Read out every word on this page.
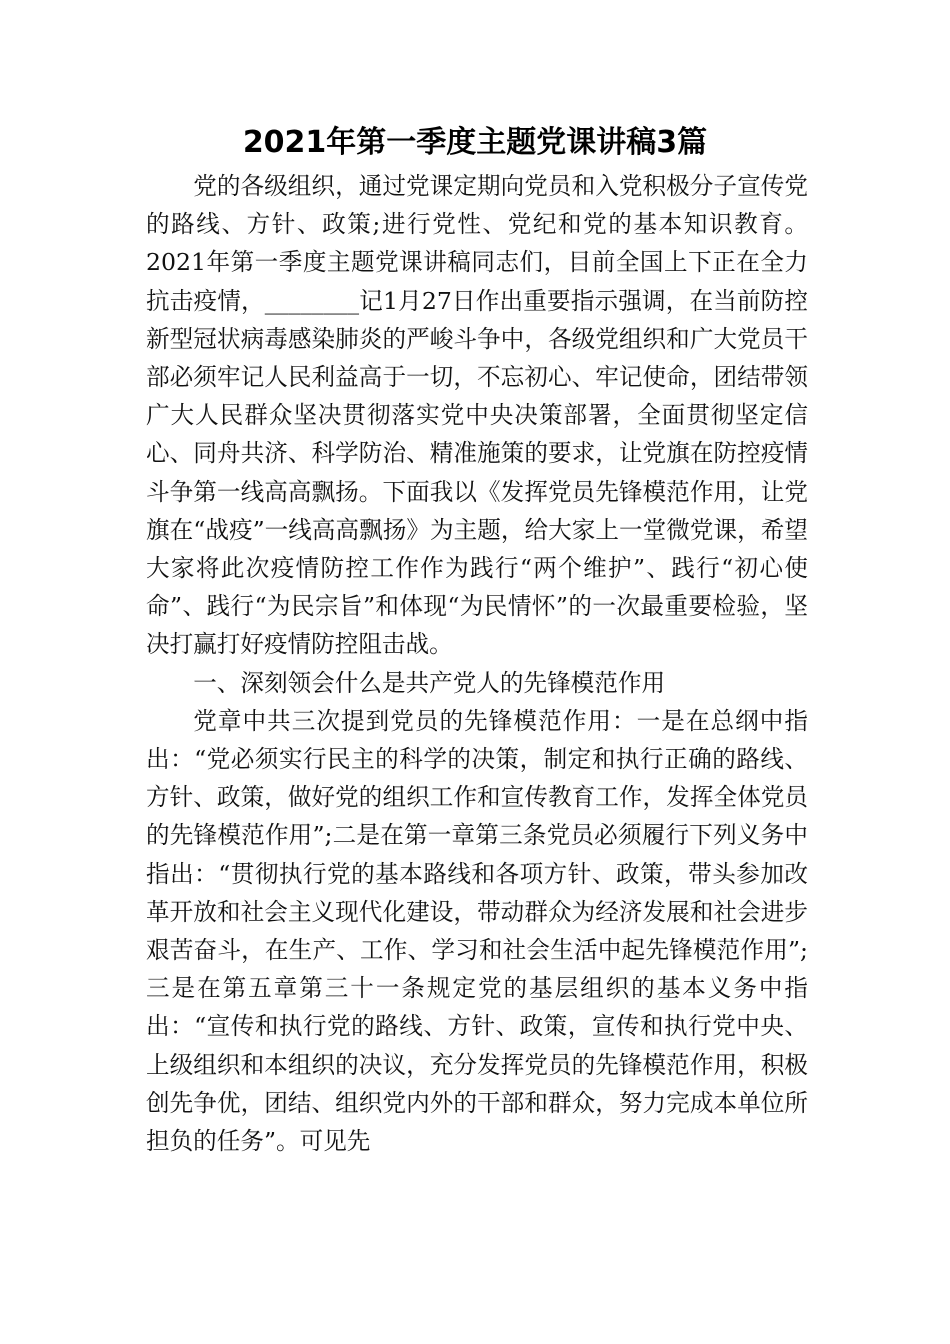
2021年第一季度主题党课讲稿3篇

党的各级组织，通过党课定期向党员和入党积极分子宣传党的路线、方针、政策;进行党性、党纪和党的基本知识教育。2021年第一季度主题党课讲稿同志们，目前全国上下正在全力抗击疫情，________记1月27日作出重要指示强调，在当前防控新型冠状病毒感染肺炎的严峻斗争中，各级党组织和广大党员干部必须牢记人民利益高于一切，不忘初心、牢记使命，团结带领广大人民群众坚决贯彻落实党中央决策部署，全面贯彻坚定信心、同舟共济、科学防治、精准施策的要求，让党旗在防控疫情斗争第一线高高飘扬。下面我以《发挥党员先锋模范作用，让党旗在“战疫”一线高高飘扬》为主题，给大家上一堂微党课，希望大家将此次疫情防控工作作为践行“两个维护”、践行“初心使命”、践行“为民宗旨”和体现“为民情怀”的一次最重要检验，坚决打赢打好疫情防控阻击战。

一、深刻领会什么是共产党人的先锋模范作用

党章中共三次提到党员的先锋模范作用：一是在总纲中指出：“党必须实行民主的科学的决策，制定和执行正确的路线、方针、政策，做好党的组织工作和宣传教育工作，发挥全体党员的先锋模范作用”;二是在第一章第三条党员必须履行下列义务中指出：“贯彻执行党的基本路线和各项方针、政策，带头参加改革开放和社会主义现代化建设，带动群众为经济发展和社会进步艰苦奋斗，在生产、工作、学习和社会生活中起先锋模范作用”;三是在第五章第三十一条规定党的基层组织的基本义务中指出：“宣传和执行党的路线、方针、政策，宣传和执行党中央、上级组织和本组织的决议，充分发挥党员的先锋模范作用，积极创先争优，团结、组织党内外的干部和群众，努力完成本单位所担负的任务”。可见先
